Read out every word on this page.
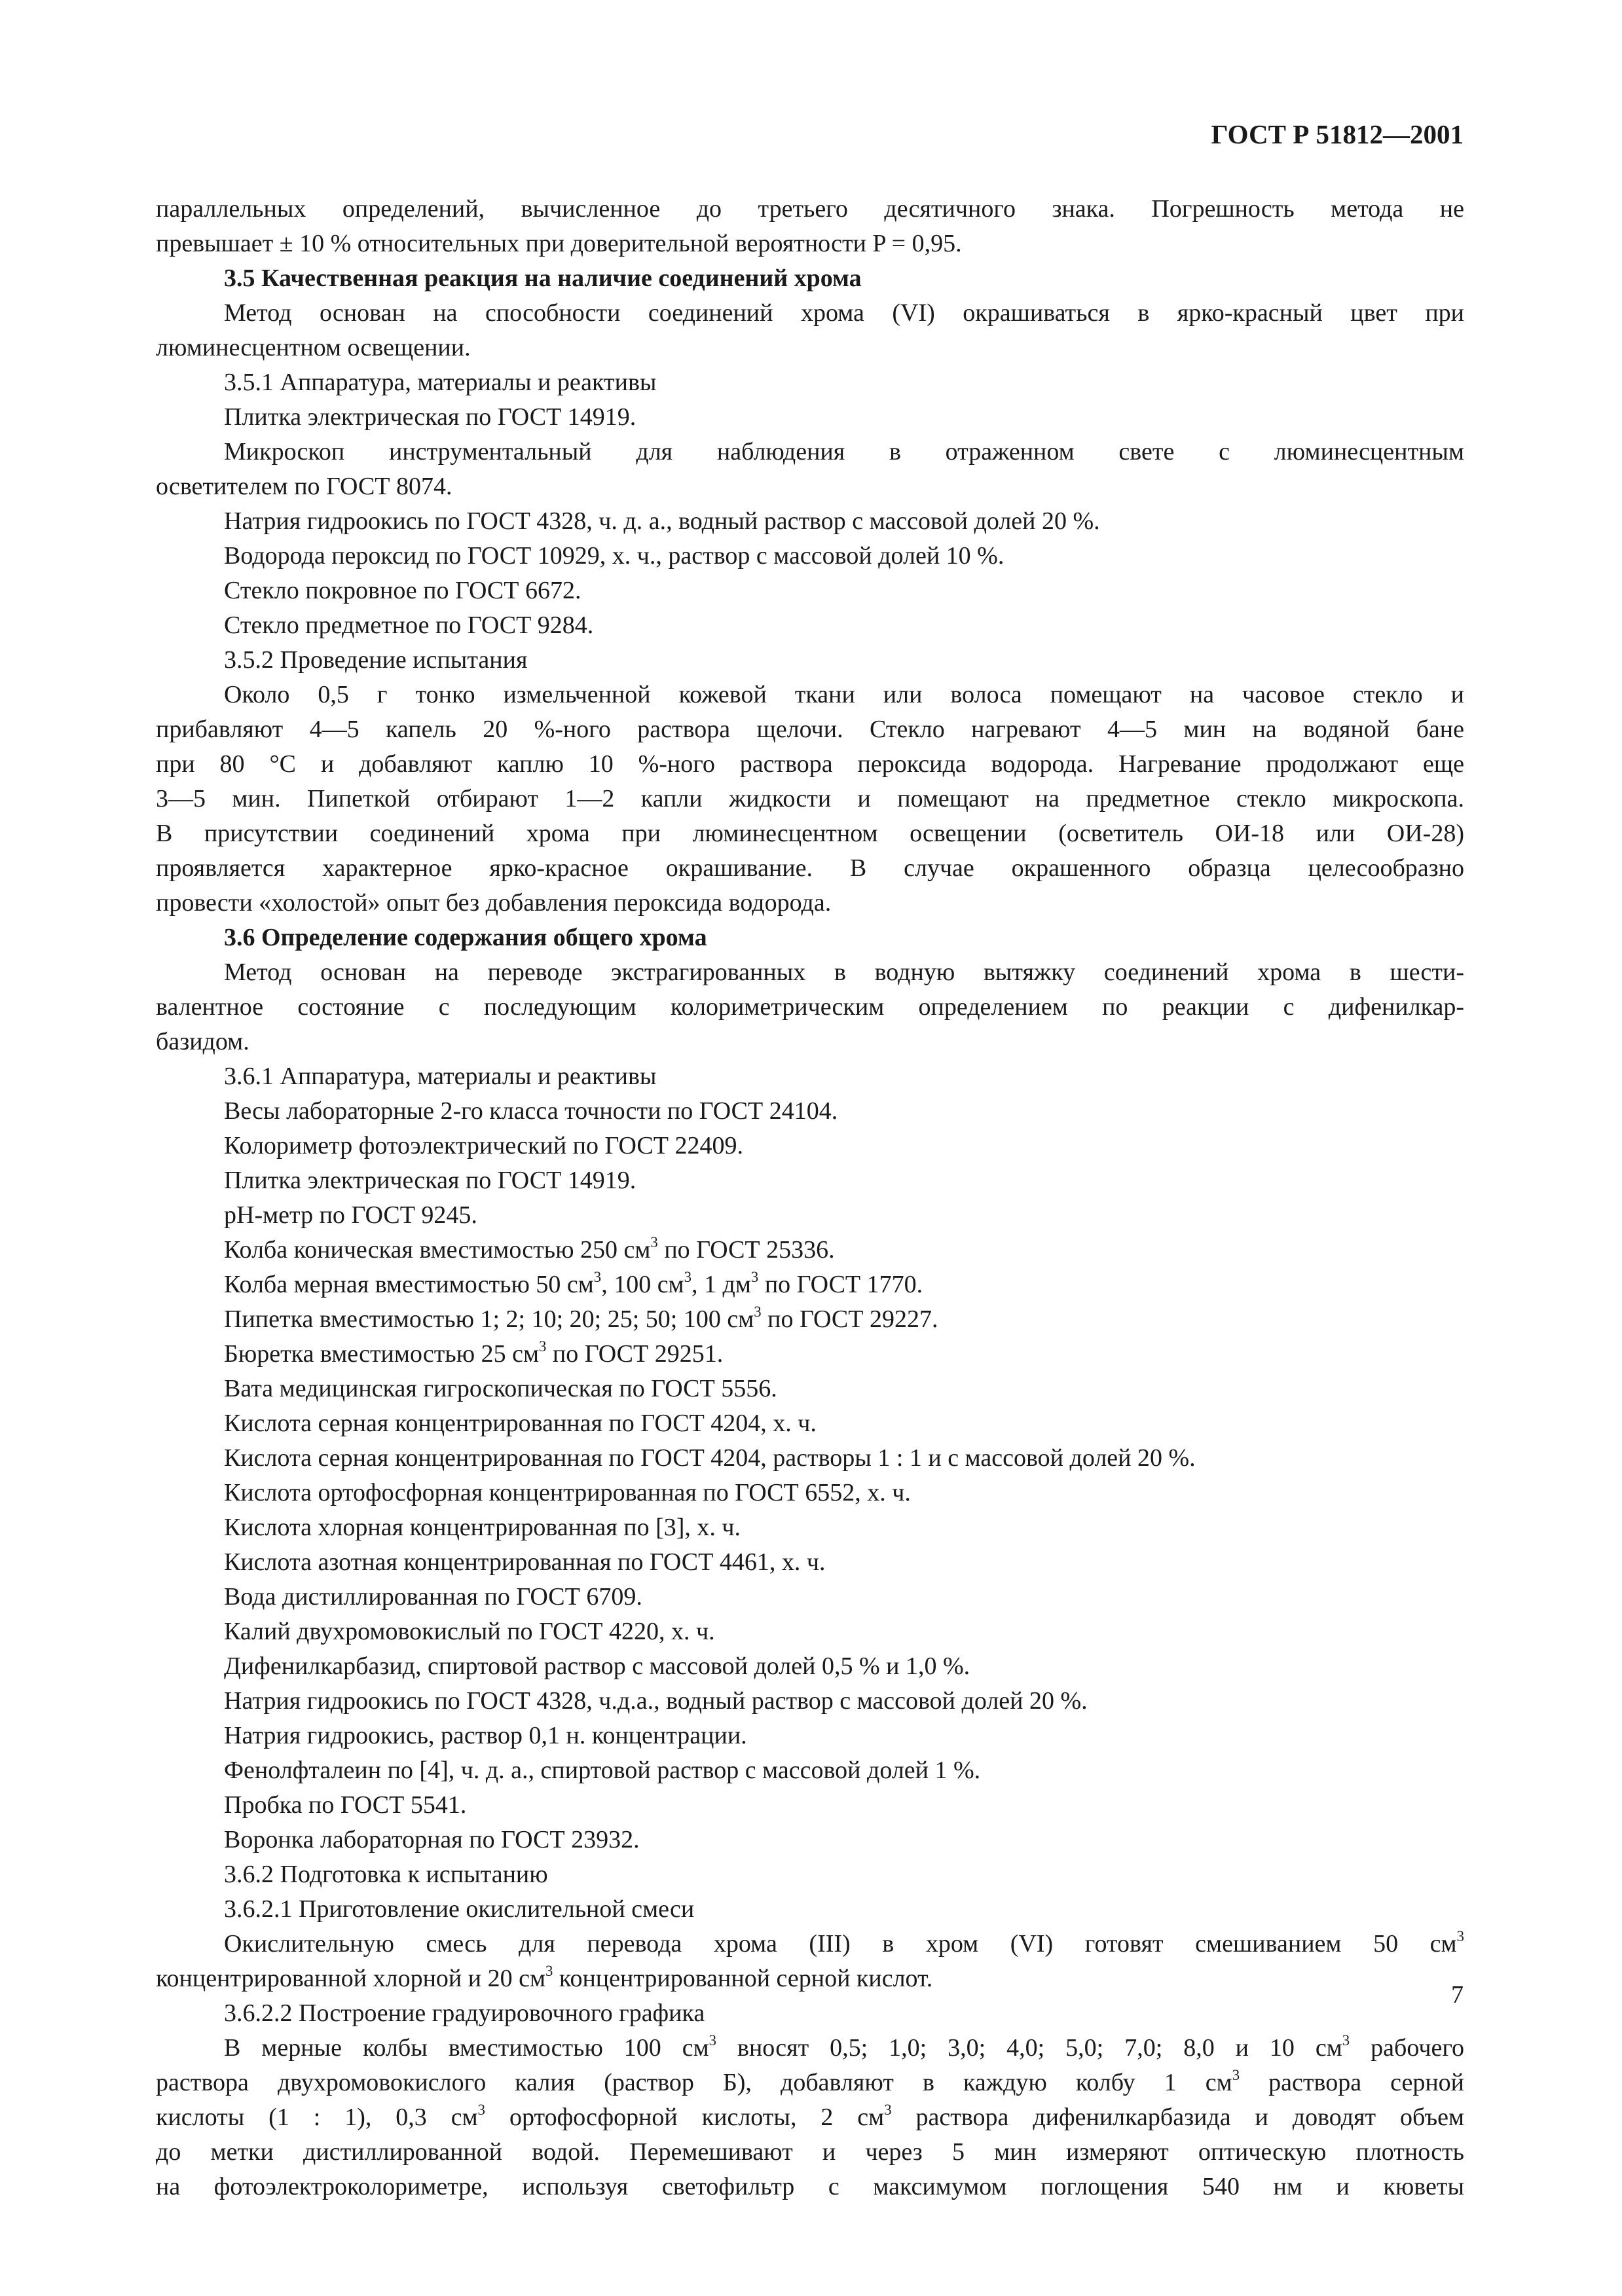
ГОСТ Р 51812—2001

параллельных определений, вычисленное до третьего десятичного знака. Погрешность метода не

превышает ± 10 % относительных при доверительной вероятности P = 0,95.

3.5 Качественная реакция на наличие соединений хрома

Метод основан на способности соединений хрома (VI) окрашиваться в ярко-красный цвет при

люминесцентном освещении.

3.5.1 Аппаратура, материалы и реактивы

Плитка электрическая по ГОСТ 14919.

Микроскоп инструментальный для наблюдения в отраженном свете с люминесцентным

осветителем по ГОСТ 8074.

Натрия гидроокись по ГОСТ 4328, ч. д. а., водный раствор с массовой долей 20 %.

Водорода пероксид по ГОСТ 10929, х. ч., раствор с массовой долей 10 %.

Стекло покровное по ГОСТ 6672.

Стекло предметное по ГОСТ 9284.

3.5.2 Проведение испытания

Около 0,5 г тонко измельченной кожевой ткани или волоса помещают на часовое стекло и

прибавляют 4—5 капель 20 %-ного раствора щелочи. Стекло нагревают 4—5 мин на водяной бане

при 80 °С и добавляют каплю 10 %-ного раствора пероксида водорода. Нагревание продолжают еще

3—5 мин. Пипеткой отбирают 1—2 капли жидкости и помещают на предметное стекло микроскопа.

В присутствии соединений хрома при люминесцентном освещении (осветитель ОИ-18 или ОИ-28)

проявляется характерное ярко-красное окрашивание. В случае окрашенного образца целесообразно

провести «холостой» опыт без добавления пероксида водорода.

3.6 Определение содержания общего хрома

Метод основан на переводе экстрагированных в водную вытяжку соединений хрома в шести-

валентное состояние с последующим колориметрическим определением по реакции с дифенилкар-

базидом.

3.6.1 Аппаратура, материалы и реактивы

Весы лабораторные 2-го класса точности по ГОСТ 24104.

Колориметр фотоэлектрический по ГОСТ 22409.

Плитка электрическая по ГОСТ 14919.

рН-метр по ГОСТ 9245.

Колба коническая вместимостью 250 $см^3$ по ГОСТ 25336.

Колба мерная вместимостью 50 $см^3$, 100 $см^3$, 1 $дм^3$ по ГОСТ 1770.

Пипетка вместимостью 1; 2; 10; 20; 25; 50; 100 $см^3$ по ГОСТ 29227.

Бюретка вместимостью 25 $см^3$ по ГОСТ 29251.

Вата медицинская гигроскопическая по ГОСТ 5556.

Кислота серная концентрированная по ГОСТ 4204, х. ч.

Кислота серная концентрированная по ГОСТ 4204, растворы 1 : 1 и с массовой долей 20 %.

Кислота ортофосфорная концентрированная по ГОСТ 6552, х. ч.

Кислота хлорная концентрированная по [3], х. ч.

Кислота азотная концентрированная по ГОСТ 4461, х. ч.

Вода дистиллированная по ГОСТ 6709.

Калий двухромовокислый по ГОСТ 4220, х. ч.

Дифенилкарбазид, спиртовой раствор с массовой долей 0,5 % и 1,0 %.

Натрия гидроокись по ГОСТ 4328, ч.д.а., водный раствор с массовой долей 20 %.

Натрия гидроокись, раствор 0,1 н. концентрации.

Фенолфталеин по [4], ч. д. а., спиртовой раствор с массовой долей 1 %.

Пробка по ГОСТ 5541.

Воронка лабораторная по ГОСТ 23932.

3.6.2 Подготовка к испытанию

3.6.2.1 Приготовление окислительной смеси

Окислительную смесь для перевода хрома (III) в хром (VI) готовят смешиванием 50 $см^3$

концентрированной хлорной и 20 $см^3$ концентрированной серной кислот.

3.6.2.2 Построение градуировочного графика

В мерные колбы вместимостью 100 $см^3$ вносят 0,5; 1,0; 3,0; 4,0; 5,0; 7,0; 8,0 и 10 $см^3$ рабочего

раствора двухромовокислого калия (раствор Б), добавляют в каждую колбу 1 $см^3$ раствора серной

кислоты (1 : 1), 0,3 $см^3$ ортофосфорной кислоты, 2 $см^3$ раствора дифенилкарбазида и доводят объем

до метки дистиллированной водой. Перемешивают и через 5 мин измеряют оптическую плотность

на фотоэлектроколориметре, используя светофильтр с максимумом поглощения 540 нм и кюветы

7
